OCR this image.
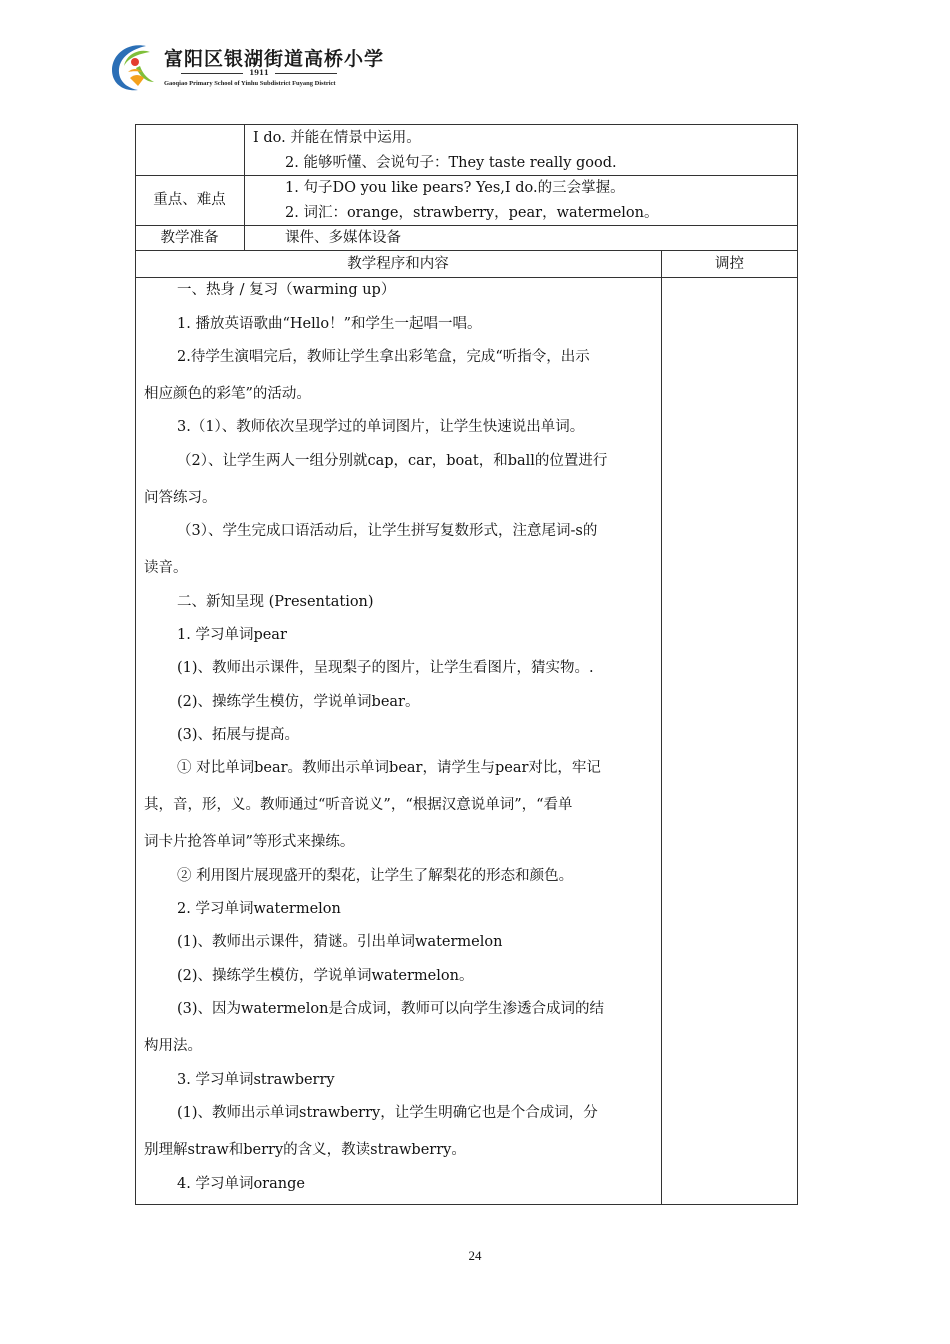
富阳区银湖街道高桥小学
1911
Gaoqiao Primary School of Yinhu Subdistrict Fuyang District
I do. 并能在情景中运用。
2. 能够听懂、会说句子：They taste really good.
重点、难点
1. 句子DO you like pears? Yes,I do.的三会掌握。
2. 词汇：orange，strawberry，pear，watermelon。
教学准备	课件、多媒体设备
教学程序和内容	调控
一、热身 / 复习（warming up）
1. 播放英语歌曲“Hello！”和学生一起唱一唱。
2.待学生演唱完后，教师让学生拿出彩笔盒，完成“听指令，出示
相应颜色的彩笔”的活动。
3.（1）、教师依次呈现学过的单词图片，让学生快速说出单词。
（2）、让学生两人一组分别就cap，car，boat，和ball的位置进行
问答练习。
（3）、学生完成口语活动后，让学生拼写复数形式，注意尾词-s的
读音。
二、新知呈现 (Presentation)
1. 学习单词pear
(1)、教师出示课件，呈现梨子的图片，让学生看图片，猜实物。.
(2)、操练学生模仿，学说单词bear。
(3)、拓展与提高。
① 对比单词bear。教师出示单词bear，请学生与pear对比，牢记
其，音，形，义。教师通过“听音说义”，“根据汉意说单词”，“看单
词卡片抢答单词”等形式来操练。
② 利用图片展现盛开的梨花，让学生了解梨花的形态和颜色。
2. 学习单词watermelon
(1)、教师出示课件，猜谜。引出单词watermelon
(2)、操练学生模仿，学说单词watermelon。
(3)、因为watermelon是合成词，教师可以向学生渗透合成词的结
构用法。
3. 学习单词strawberry
(1)、教师出示单词strawberry，让学生明确它也是个合成词，分
别理解straw和berry的含义，教读strawberry。
4. 学习单词orange
24
